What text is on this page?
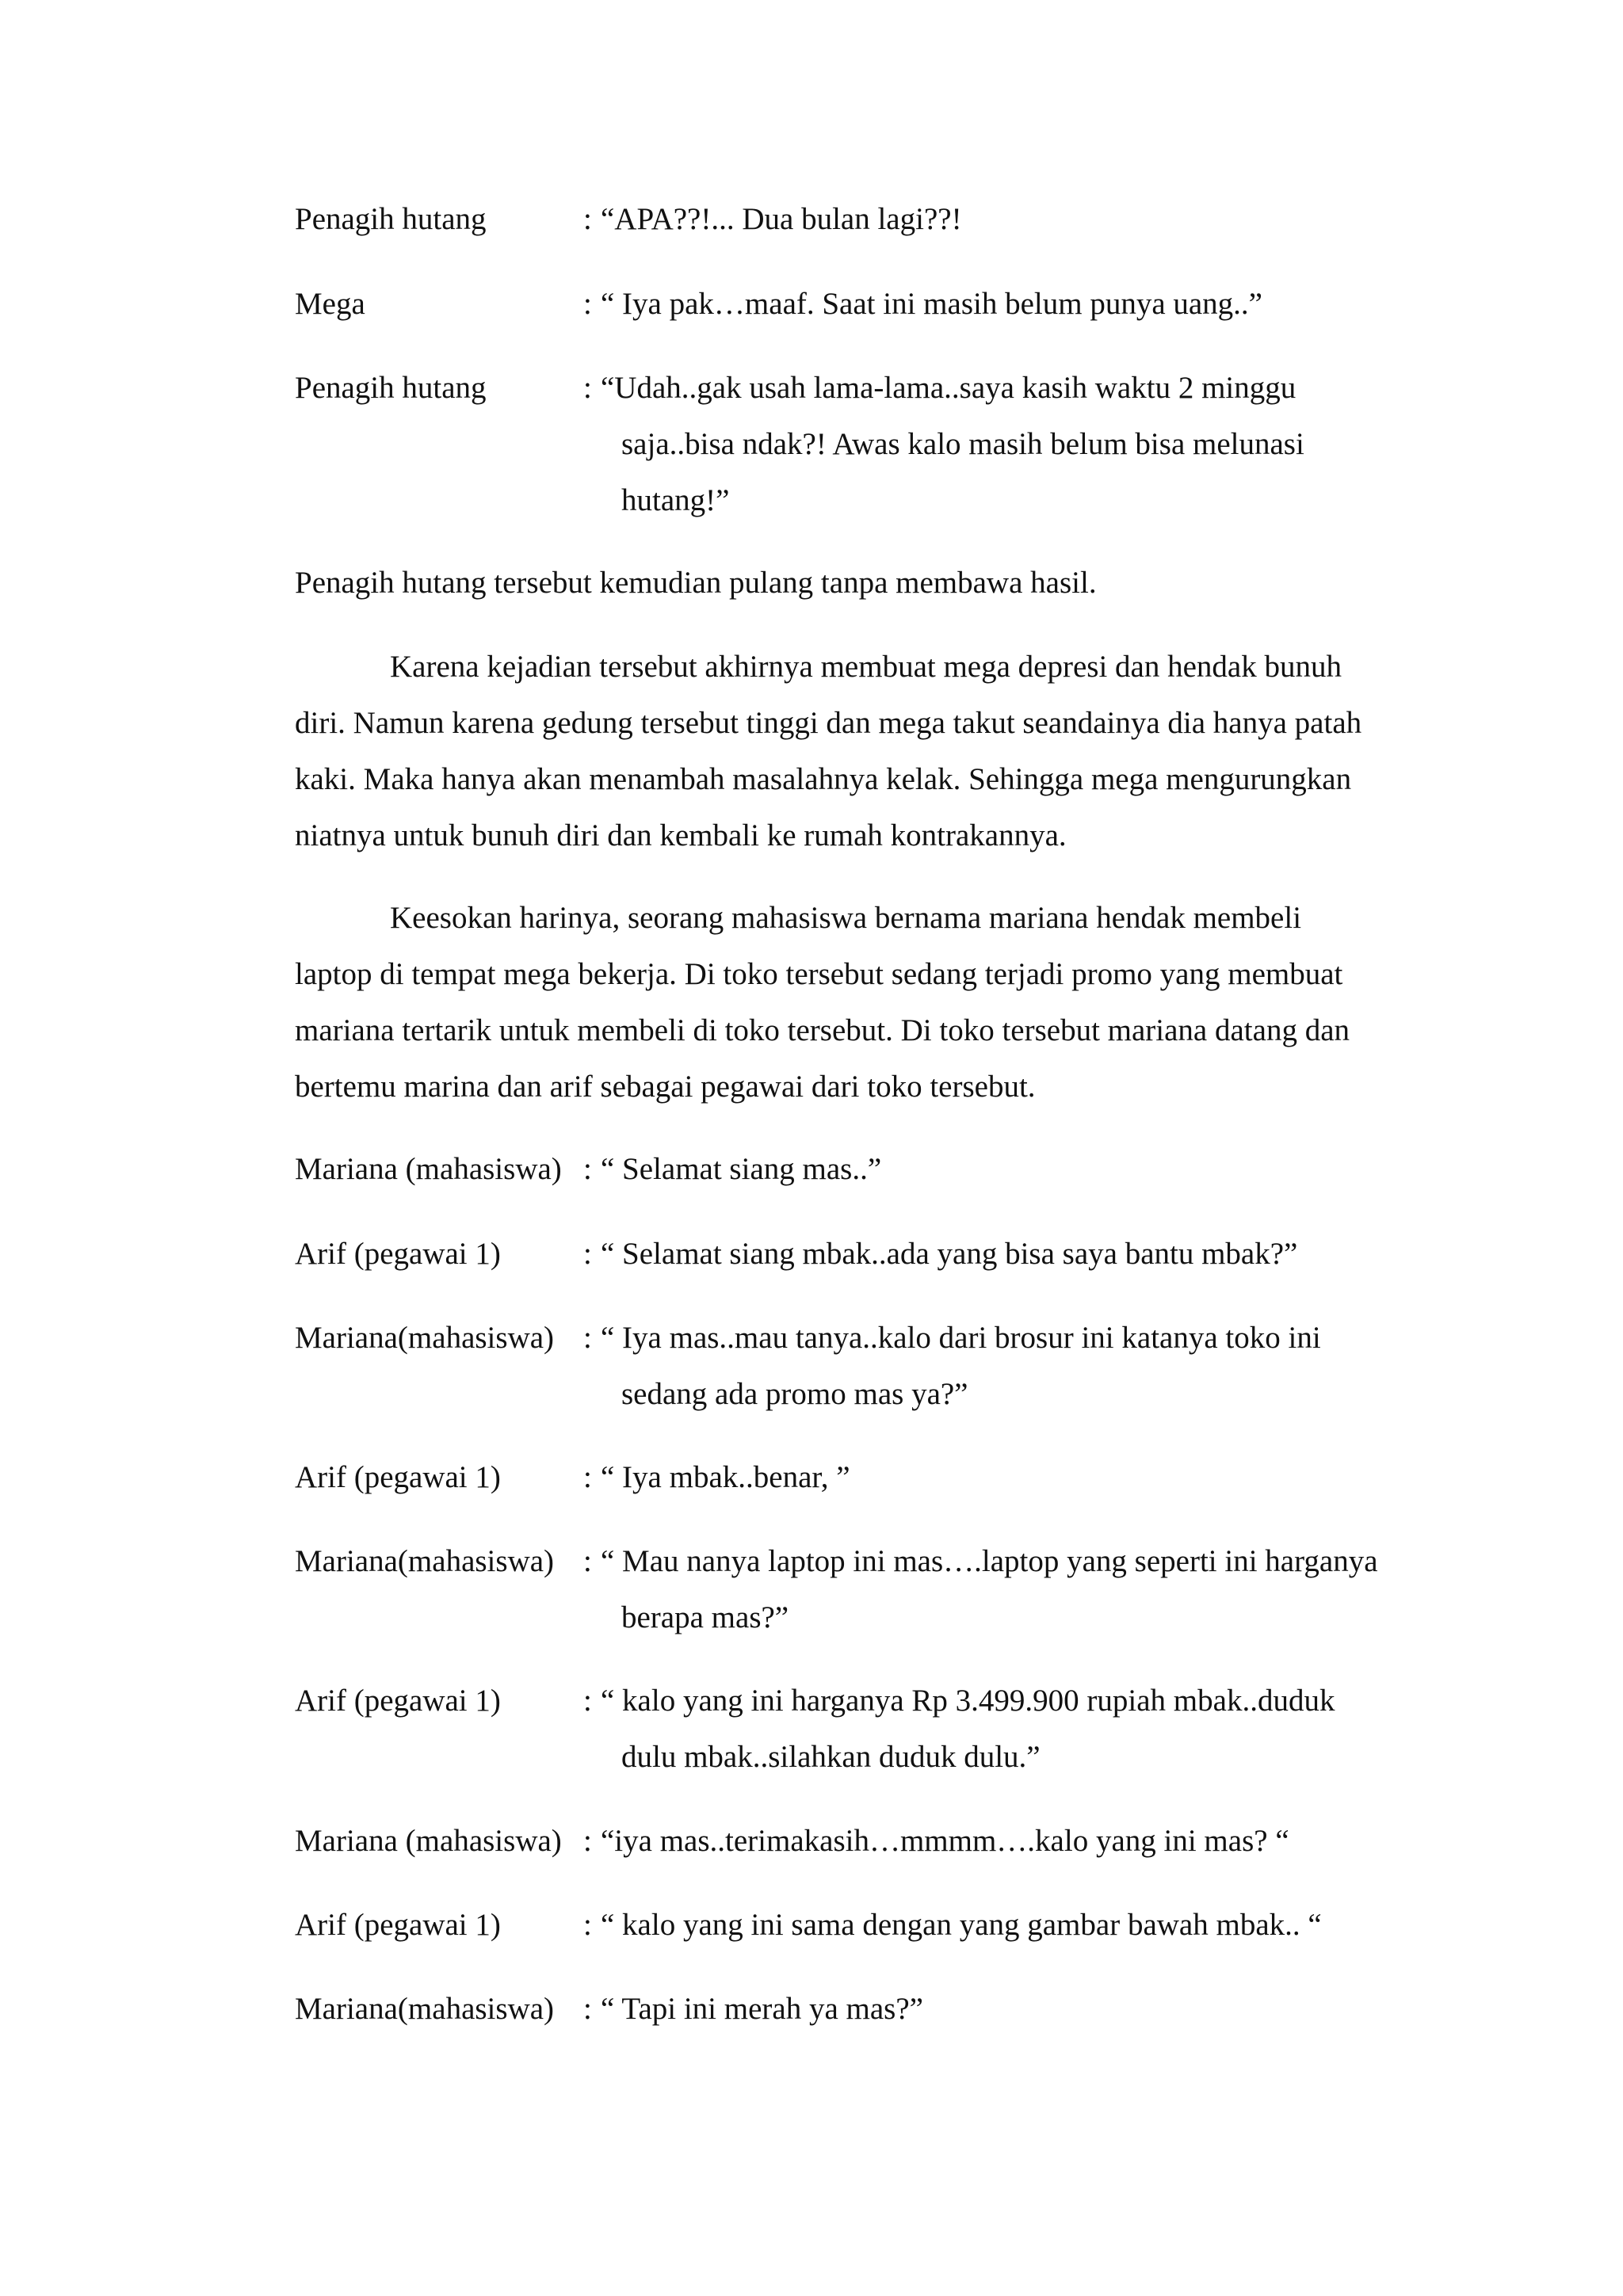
Penagih hutang	: “APA??!... Dua bulan lagi??!
Mega	: “ Iya pak…maaf. Saat ini masih belum punya uang..”
Penagih hutang	: “Udah..gak usah lama-lama..saya kasih waktu 2 minggu
saja..bisa ndak?! Awas kalo masih belum bisa melunasi
hutang!”
Penagih hutang tersebut kemudian pulang tanpa membawa hasil.
Karena kejadian tersebut akhirnya membuat mega depresi dan hendak bunuh
diri. Namun karena gedung tersebut tinggi dan mega takut seandainya dia hanya patah
kaki. Maka hanya akan menambah masalahnya kelak. Sehingga mega mengurungkan
niatnya untuk bunuh diri dan kembali ke rumah kontrakannya.
Keesokan harinya, seorang mahasiswa bernama mariana hendak membeli
laptop di tempat mega bekerja. Di toko tersebut sedang terjadi promo yang membuat
mariana tertarik untuk membeli di toko tersebut. Di toko tersebut mariana datang dan
bertemu marina dan arif sebagai pegawai dari toko tersebut.
Mariana (mahasiswa) : “ Selamat siang mas..”
Arif (pegawai 1)	: “ Selamat siang mbak..ada yang bisa saya bantu mbak?”
Mariana(mahasiswa) : “ Iya mas..mau tanya..kalo dari brosur ini katanya toko ini
sedang ada promo mas ya?”
Arif (pegawai 1)	: “ Iya mbak..benar, ”
Mariana(mahasiswa) : “ Mau nanya laptop ini mas….laptop yang seperti ini harganya
berapa mas?”
Arif (pegawai 1)	: “ kalo yang ini harganya Rp 3.499.900 rupiah mbak..duduk
dulu mbak..silahkan duduk dulu.”
Mariana (mahasiswa) : “iya mas..terimakasih…mmmm….kalo yang ini mas? “
Arif (pegawai 1)	: “ kalo yang ini sama dengan yang gambar bawah mbak.. “
Mariana(mahasiswa) : “ Tapi ini merah ya mas?”
